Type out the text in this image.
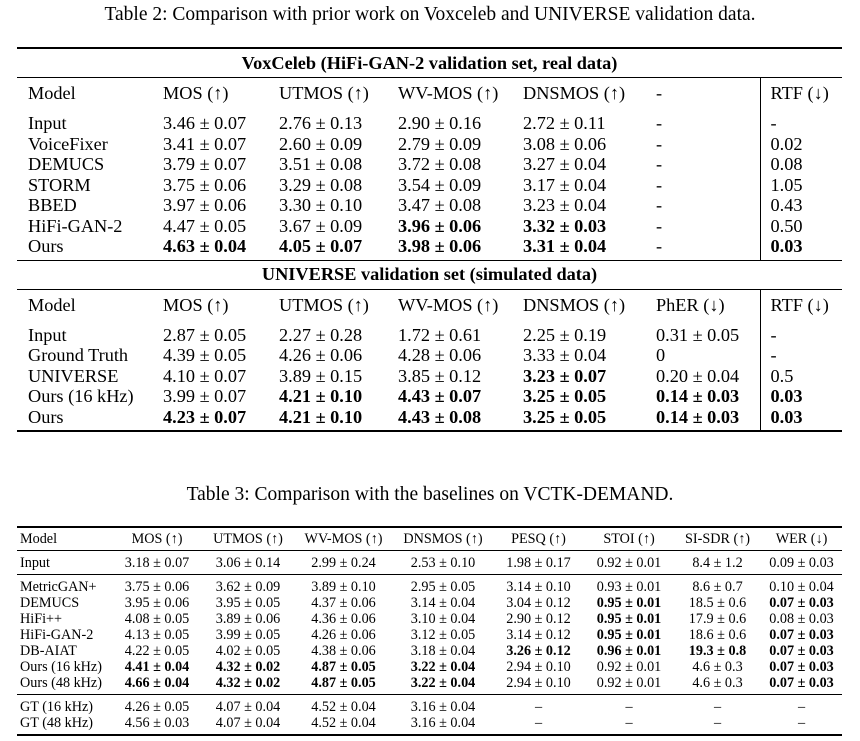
Table 2: Comparison with prior work on Voxceleb and UNIVERSE validation data.
VoxCeleb (HiFi-GAN-2 validation set, real data)						
Model	MOS (↑)	UTMOS (↑)	WV-MOS (↑)	DNSMOS (↑)	-	RTF (↓)
Input	3.46 ± 0.07	2.76 ± 0.13	2.90 ± 0.16	2.72 ± 0.11	-	-
VoiceFixer	3.41 ± 0.07	2.60 ± 0.09	2.79 ± 0.09	3.08 ± 0.06	-	0.02
DEMUCS	3.79 ± 0.07	3.51 ± 0.08	3.72 ± 0.08	3.27 ± 0.04	-	0.08
STORM	3.75 ± 0.06	3.29 ± 0.08	3.54 ± 0.09	3.17 ± 0.04	-	1.05
BBED	3.97 ± 0.06	3.30 ± 0.10	3.47 ± 0.08	3.23 ± 0.04	-	0.43
HiFi-GAN-2	4.47 ± 0.05	3.67 ± 0.09	3.96 ± 0.06	3.32 ± 0.03	-	0.50
Ours	4.63 ± 0.04	4.05 ± 0.07	3.98 ± 0.06	3.31 ± 0.04	-	0.03
UNIVERSE validation set (simulated data)						
Model	MOS (↑)	UTMOS (↑)	WV-MOS (↑)	DNSMOS (↑)	PhER (↓)	RTF (↓)
Input	2.87 ± 0.05	2.27 ± 0.28	1.72 ± 0.61	2.25 ± 0.19	0.31 ± 0.05	-
Ground Truth	4.39 ± 0.05	4.26 ± 0.06	4.28 ± 0.06	3.33 ± 0.04	0	-
UNIVERSE	4.10 ± 0.07	3.89 ± 0.15	3.85 ± 0.12	3.23 ± 0.07	0.20 ± 0.04	0.5
Ours (16 kHz)	3.99 ± 0.07	4.21 ± 0.10	4.43 ± 0.07	3.25 ± 0.05	0.14 ± 0.03	0.03
Ours	4.23 ± 0.07	4.21 ± 0.10	4.43 ± 0.08	3.25 ± 0.05	0.14 ± 0.03	0.03
Table 3: Comparison with the baselines on VCTK-DEMAND.
Model	MOS (↑)	UTMOS (↑)	WV-MOS (↑)	DNSMOS (↑)	PESQ (↑)	STOI (↑)	SI-SDR (↑)	WER (↓)
Input	3.18 ± 0.07	3.06 ± 0.14	2.99 ± 0.24	2.53 ± 0.10	1.98 ± 0.17	0.92 ± 0.01	8.4 ± 1.2	0.09 ± 0.03
MetricGAN+	3.75 ± 0.06	3.62 ± 0.09	3.89 ± 0.10	2.95 ± 0.05	3.14 ± 0.10	0.93 ± 0.01	8.6 ± 0.7	0.10 ± 0.04
DEMUCS	3.95 ± 0.06	3.95 ± 0.05	4.37 ± 0.06	3.14 ± 0.04	3.04 ± 0.12	0.95 ± 0.01	18.5 ± 0.6	0.07 ± 0.03
HiFi++	4.08 ± 0.05	3.89 ± 0.06	4.36 ± 0.06	3.10 ± 0.04	2.90 ± 0.12	0.95 ± 0.01	17.9 ± 0.6	0.08 ± 0.03
HiFi-GAN-2	4.13 ± 0.05	3.99 ± 0.05	4.26 ± 0.06	3.12 ± 0.05	3.14 ± 0.12	0.95 ± 0.01	18.6 ± 0.6	0.07 ± 0.03
DB-AIAT	4.22 ± 0.05	4.02 ± 0.05	4.38 ± 0.06	3.18 ± 0.04	3.26 ± 0.12	0.96 ± 0.01	19.3 ± 0.8	0.07 ± 0.03
Ours (16 kHz)	4.41 ± 0.04	4.32 ± 0.02	4.87 ± 0.05	3.22 ± 0.04	2.94 ± 0.10	0.92 ± 0.01	4.6 ± 0.3	0.07 ± 0.03
Ours (48 kHz)	4.66 ± 0.04	4.32 ± 0.02	4.87 ± 0.05	3.22 ± 0.04	2.94 ± 0.10	0.92 ± 0.01	4.6 ± 0.3	0.07 ± 0.03
GT (16 kHz)	4.26 ± 0.05	4.07 ± 0.04	4.52 ± 0.04	3.16 ± 0.04	–	–	–	–
GT (48 kHz)	4.56 ± 0.03	4.07 ± 0.04	4.52 ± 0.04	3.16 ± 0.04	–	–	–	–
